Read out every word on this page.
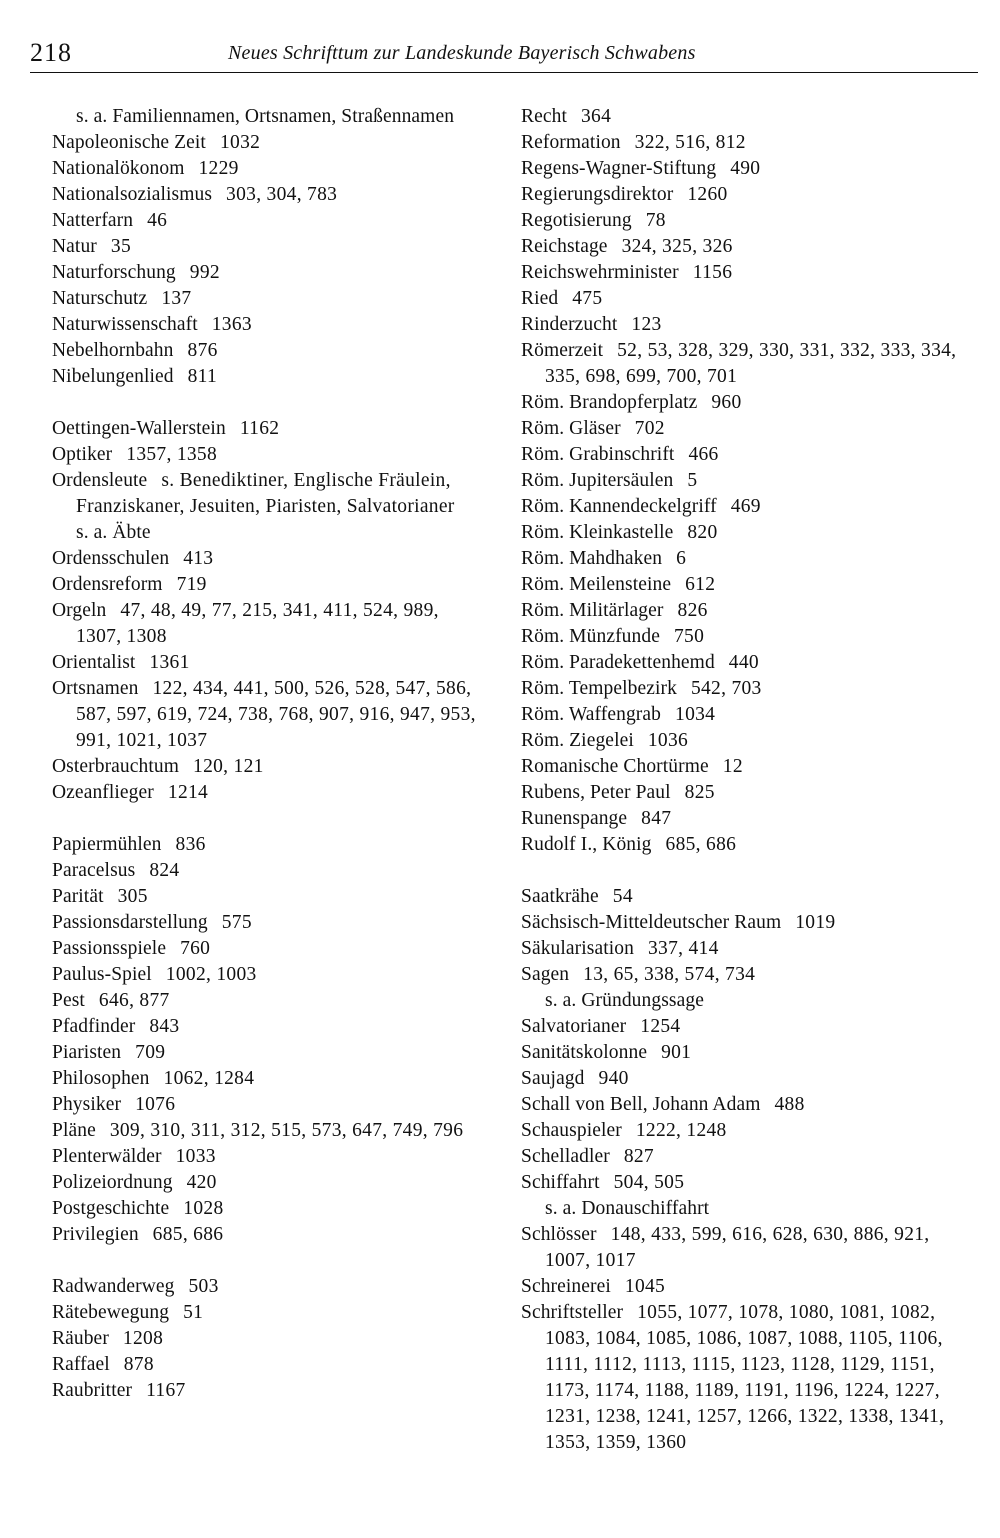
218	Neues Schrifttum zur Landeskunde Bayerisch Schwabens
s. a. Familiennamen, Ortsnamen, Straßennamen
Napoleonische Zeit 1032
Nationalökonom 1229
Nationalsozialismus 303, 304, 783
Natterfarn 46
Natur 35
Naturforschung 992
Naturschutz 137
Naturwissenschaft 1363
Nebelhornbahn 876
Nibelungenlied 811
Oettingen-Wallerstein 1162
Optiker 1357, 1358
Ordensleute s. Benediktiner, Englische Fräulein, Franziskaner, Jesuiten, Piaristen, Salvatorianer
s. a. Äbte
Ordensschulen 413
Ordensreform 719
Orgeln 47, 48, 49, 77, 215, 341, 411, 524, 989, 1307, 1308
Orientalist 1361
Ortsnamen 122, 434, 441, 500, 526, 528, 547, 586, 587, 597, 619, 724, 738, 768, 907, 916, 947, 953, 991, 1021, 1037
Osterbrauchtum 120, 121
Ozeanflieger 1214
Papiermühlen 836
Paracelsus 824
Parität 305
Passionsdarstellung 575
Passionsspiele 760
Paulus-Spiel 1002, 1003
Pest 646, 877
Pfadfinder 843
Piaristen 709
Philosophen 1062, 1284
Physiker 1076
Pläne 309, 310, 311, 312, 515, 573, 647, 749, 796
Plenterwälder 1033
Polizeiordnung 420
Postgeschichte 1028
Privilegien 685, 686
Radwanderweg 503
Rätebewegung 51
Räuber 1208
Raffael 878
Raubritter 1167
Recht 364
Reformation 322, 516, 812
Regens-Wagner-Stiftung 490
Regierungsdirektor 1260
Regotisierung 78
Reichstage 324, 325, 326
Reichswehrminister 1156
Ried 475
Rinderzucht 123
Römerzeit 52, 53, 328, 329, 330, 331, 332, 333, 334, 335, 698, 699, 700, 701
Röm. Brandopferplatz 960
Röm. Gläser 702
Röm. Grabinschrift 466
Röm. Jupitersäulen 5
Röm. Kannendeckelgriff 469
Röm. Kleinkastelle 820
Röm. Mahdhaken 6
Röm. Meilensteine 612
Röm. Militärlager 826
Röm. Münzfunde 750
Röm. Paradekettenhemd 440
Röm. Tempelbezirk 542, 703
Röm. Waffengrab 1034
Röm. Ziegelei 1036
Romanische Chortürme 12
Rubens, Peter Paul 825
Runenspange 847
Rudolf I., König 685, 686
Saatkrähe 54
Sächsisch-Mitteldeutscher Raum 1019
Säkularisation 337, 414
Sagen 13, 65, 338, 574, 734
s. a. Gründungssage
Salvatorianer 1254
Sanitätskolonne 901
Saujagd 940
Schall von Bell, Johann Adam 488
Schauspieler 1222, 1248
Schelladler 827
Schiffahrt 504, 505
s. a. Donauschiffahrt
Schlösser 148, 433, 599, 616, 628, 630, 886, 921, 1007, 1017
Schreinerei 1045
Schriftsteller 1055, 1077, 1078, 1080, 1081, 1082, 1083, 1084, 1085, 1086, 1087, 1088, 1105, 1106, 1111, 1112, 1113, 1115, 1123, 1128, 1129, 1151, 1173, 1174, 1188, 1189, 1191, 1196, 1224, 1227, 1231, 1238, 1241, 1257, 1266, 1322, 1338, 1341, 1353, 1359, 1360
